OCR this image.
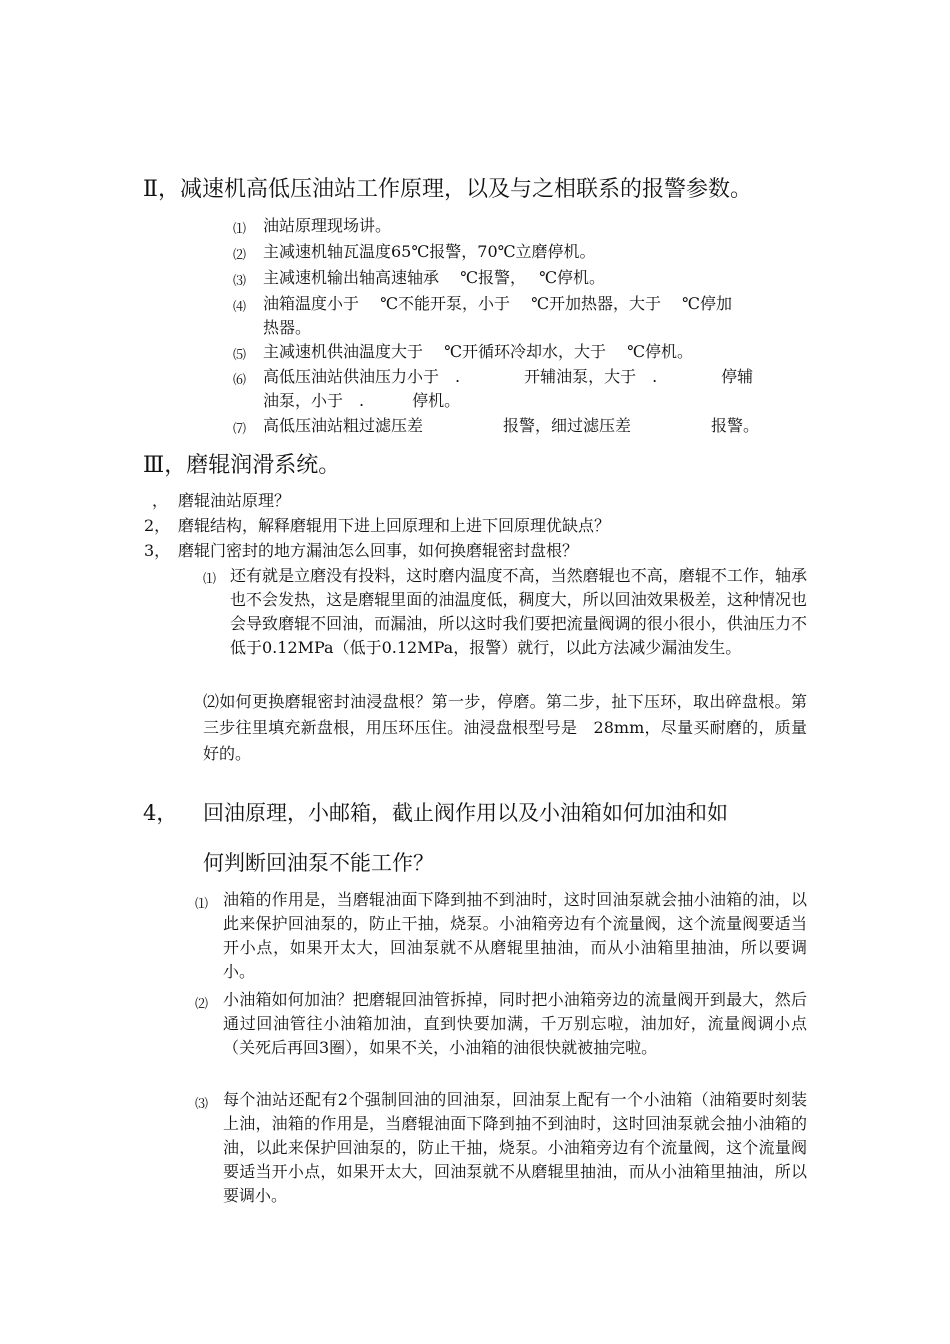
Ⅱ，减速机高低压油站工作原理，以及与之相联系的报警参数。
⑴ 油站原理现场讲。
⑵ 主减速机轴瓦温度65℃报警，70℃立磨停机。
⑶ 主减速机输出轴高速轴承　 ℃报警，　 ℃停机。
⑷ 油箱温度小于　 ℃不能开泵，小于　 ℃开加热器，大于　 ℃停加
热器。
⑸ 主减速机供油温度大于　 ℃开循环冷却水，大于　 ℃停机。
⑹ 高低压油站供油压力小于　.　　　　开辅油泵，大于　.　　　　停辅
油泵，小于　.　　　停机。
⑺ 高低压油站粗过滤压差　　　　　报警，细过滤压差　　　　　报警。
Ⅲ，磨辊润滑系统。
， 磨辊油站原理？
2， 磨辊结构，解释磨辊用下进上回原理和上进下回原理优缺点？
3， 磨辊门密封的地方漏油怎么回事，如何换磨辊密封盘根？
⑴ 还有就是立磨没有投料，这时磨内温度不高，当然磨辊也不高，磨辊不工作，轴承也不会发热，这是磨辊里面的油温度低，稠度大，所以回油效果极差，这种情况也会导致磨辊不回油，而漏油，所以这时我们要把流量阀调的很小很小，供油压力不低于0.12MPa（低于0.12MPa，报警）就行，以此方法减少漏油发生。
⑵如何更换磨辊密封油浸盘根？第一步，停磨。第二步，扯下压环，取出碎盘根。第三步往里填充新盘根，用压环压住。油浸盘根型号是　28mm，尽量买耐磨的，质量好的。
4， 回油原理，小邮箱，截止阀作用以及小油箱如何加油和如
何判断回油泵不能工作？
⑴ 油箱的作用是，当磨辊油面下降到抽不到油时，这时回油泵就会抽小油箱的油，以此来保护回油泵的，防止干抽，烧泵。小油箱旁边有个流量阀，这个流量阀要适当开小点，如果开太大，回油泵就不从磨辊里抽油，而从小油箱里抽油，所以要调小。
⑵ 小油箱如何加油？把磨辊回油管拆掉，同时把小油箱旁边的流量阀开到最大，然后通过回油管往小油箱加油，直到快要加满，千万别忘啦，油加好，流量阀调小点（关死后再回3圈），如果不关，小油箱的油很快就被抽完啦。
⑶ 每个油站还配有2个强制回油的回油泵，回油泵上配有一个小油箱（油箱要时刻装上油，油箱的作用是，当磨辊油面下降到抽不到油时，这时回油泵就会抽小油箱的油，以此来保护回油泵的，防止干抽，烧泵。小油箱旁边有个流量阀，这个流量阀要适当开小点，如果开太大，回油泵就不从磨辊里抽油，而从小油箱里抽油，所以要调小。
